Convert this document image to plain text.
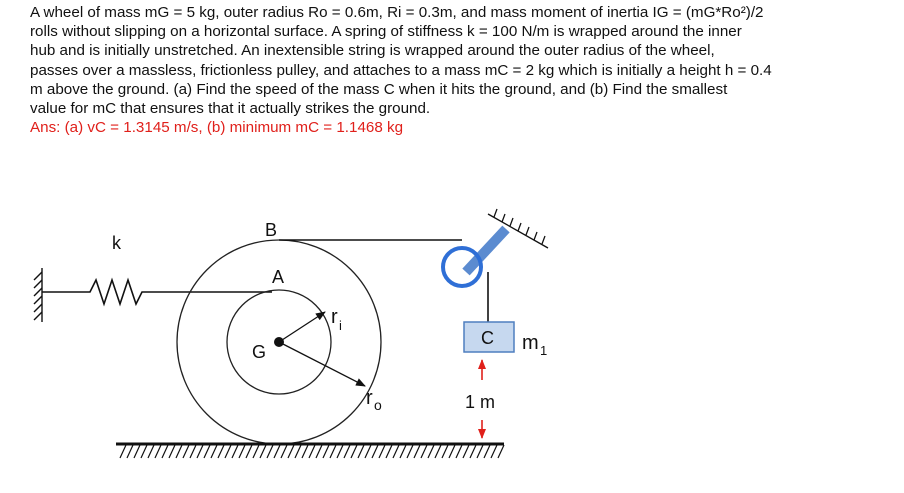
A wheel of mass mG = 5 kg, outer radius Ro = 0.6m, Ri = 0.3m, and mass moment of inertia IG = (mG*Ro²)/2

rolls without slipping on a horizontal surface. A spring of stiffness k = 100 N/m is wrapped around the inner

hub and is initially unstretched. An inextensible string is wrapped around the outer radius of the wheel,

passes over a massless, frictionless pulley, and attaches to a mass mC = 2 kg which is initially a height h = 0.4

m above the ground. (a) Find the speed of the mass C when it hits the ground, and (b) Find the smallest

value for mC that ensures that it actually strikes the ground.

Ans: (a) vC = 1.3145 m/s, (b) minimum mC = 1.1468 kg

k
B
A
G
r i
r o
C m 1
1 m
